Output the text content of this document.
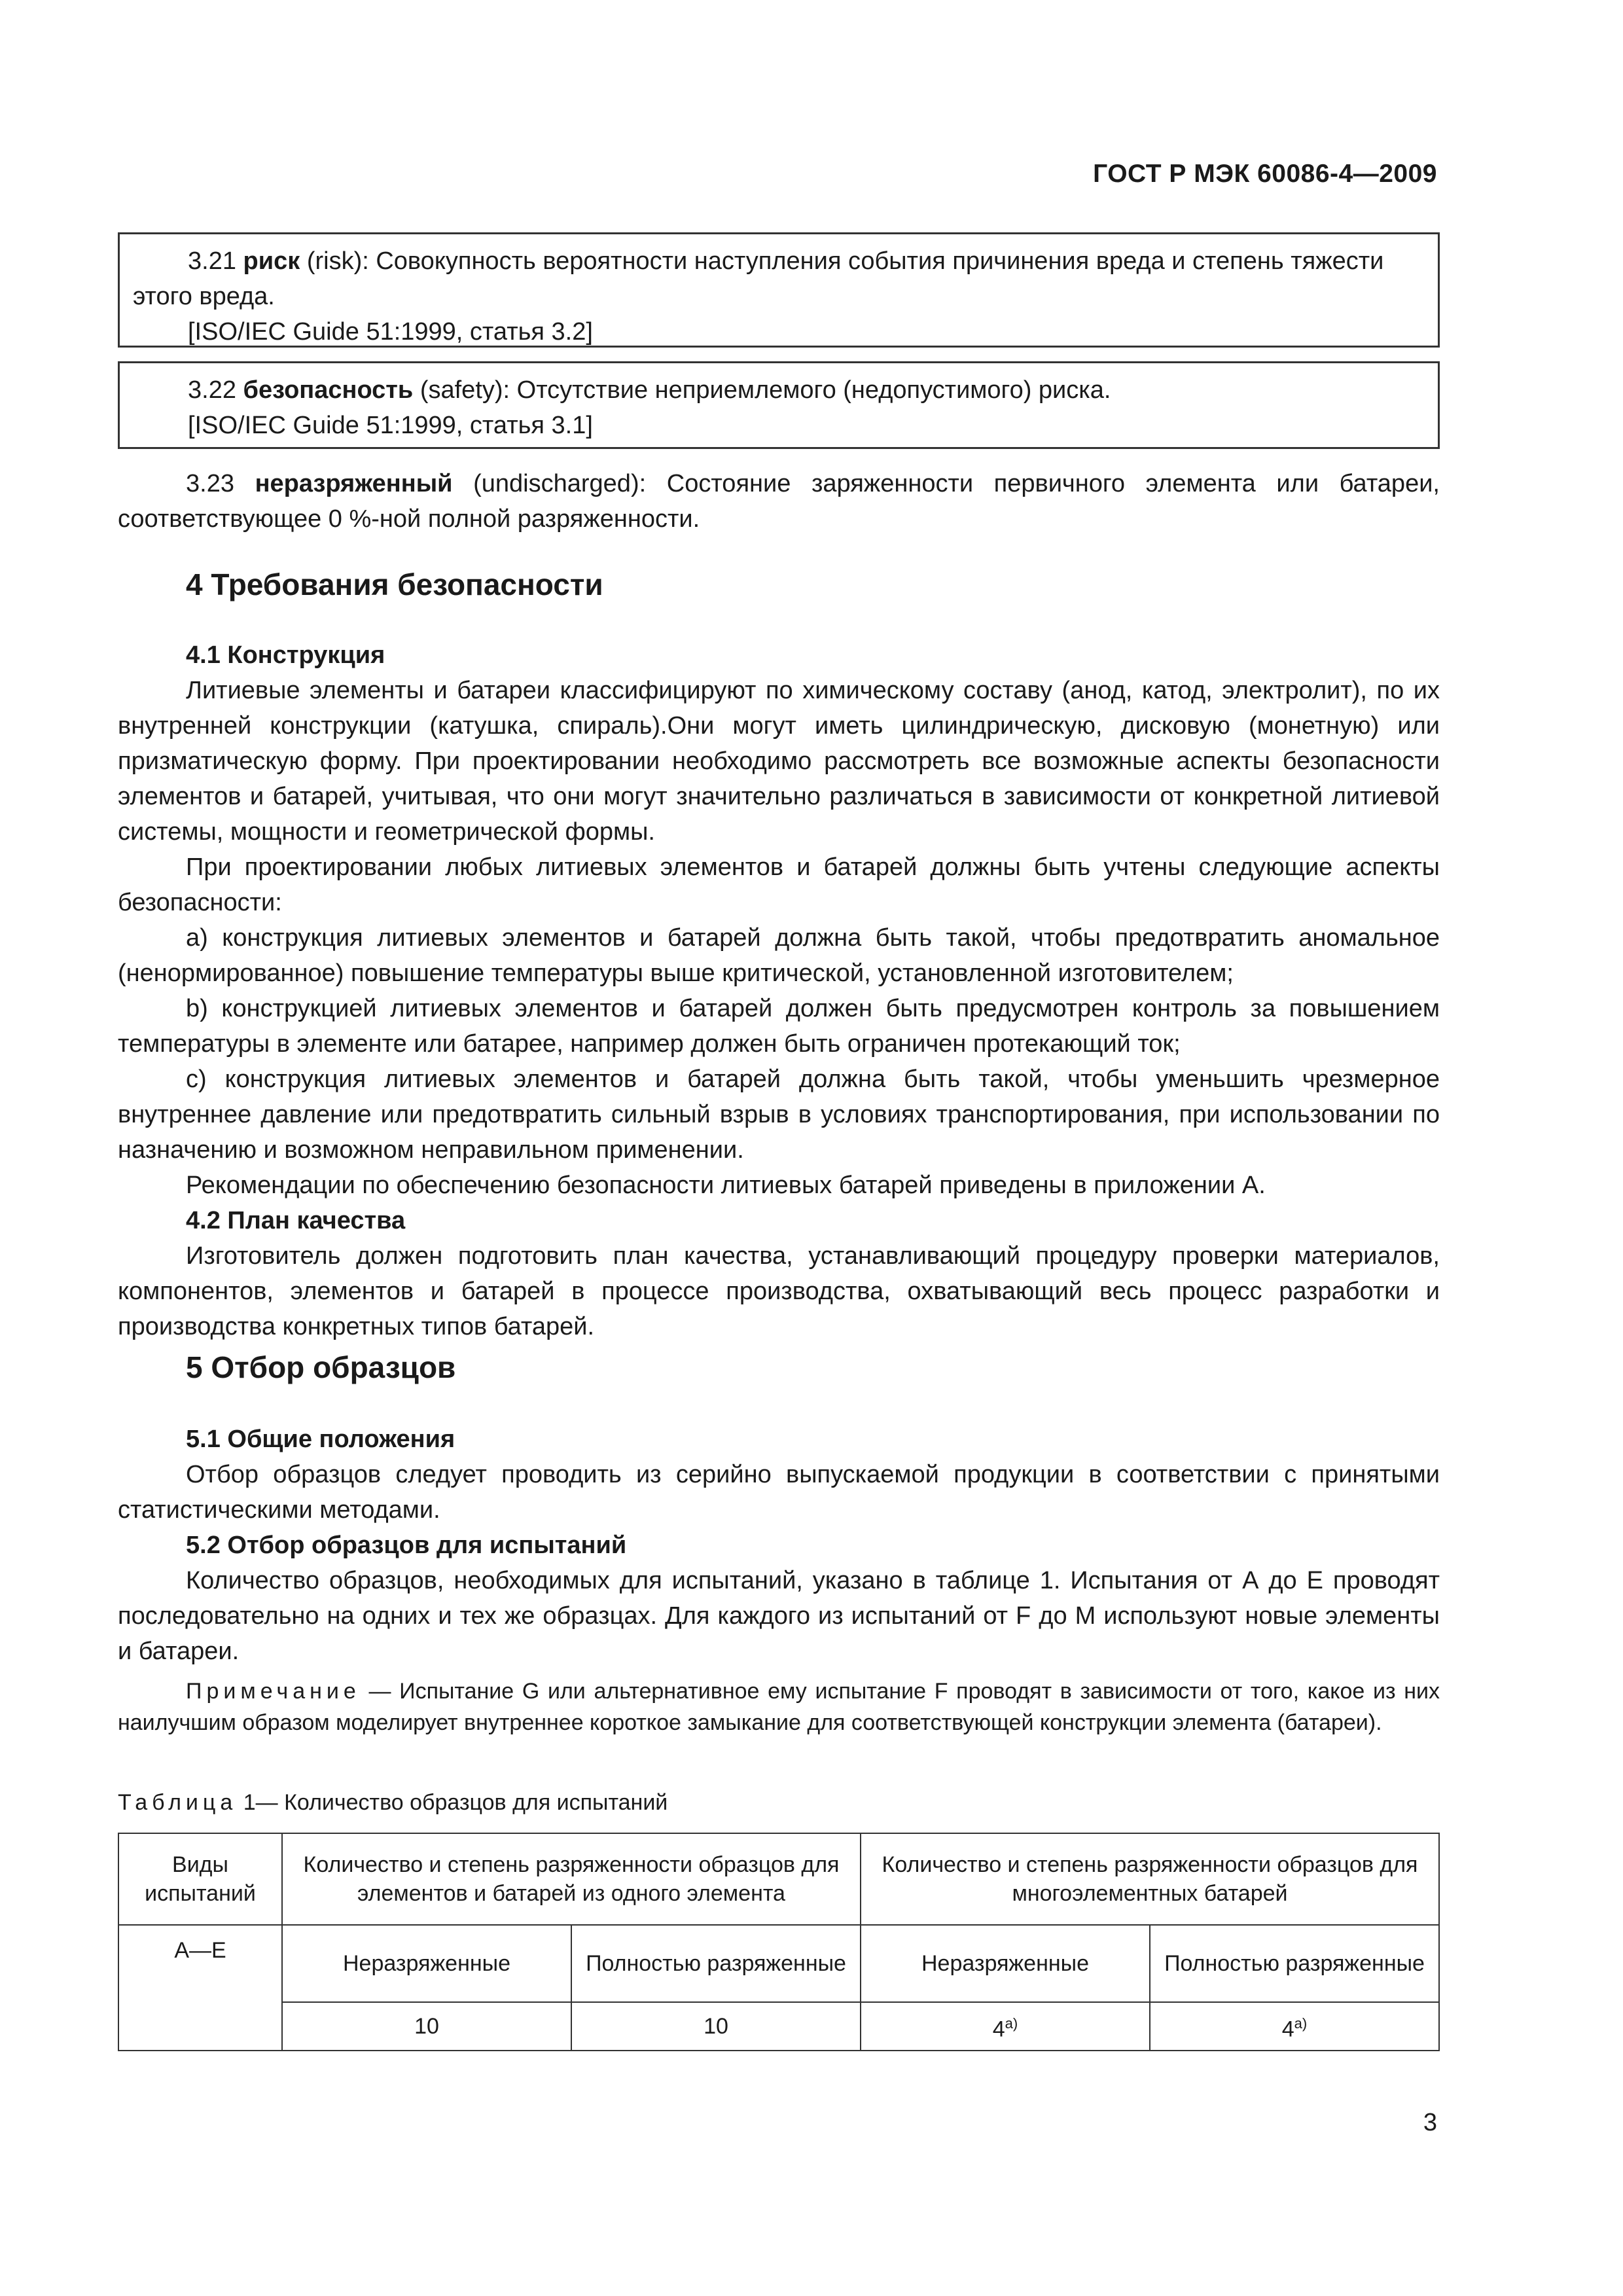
ГОСТ Р МЭК 60086-4—2009
3.21 риск (risk): Совокупность вероятности наступления события причинения вреда и степень тяжести этого вреда.
[ISO/IEC Guide 51:1999, статья 3.2]
3.22 безопасность (safety): Отсутствие неприемлемого (недопустимого) риска.
[ISO/IEC Guide 51:1999, статья 3.1]

3.23 неразряженный (undischarged): Состояние заряженности первичного элемента или батареи, соответствующее 0 %-ной полной разряженности.

4 Требования безопасности

4.1 Конструкция

Литиевые элементы и батареи классифицируют по химическому составу (анод, катод, электролит), по их внутренней конструкции (катушка, спираль).Они могут иметь цилиндрическую, дисковую (монетную) или призматическую форму. При проектировании необходимо рассмотреть все возможные аспекты безопасности элементов и батарей, учитывая, что они могут значительно различаться в зависимости от конкретной литиевой системы, мощности и геометрической формы.

При проектировании любых литиевых элементов и батарей должны быть учтены следующие аспекты безопасности:

a) конструкция литиевых элементов и батарей должна быть такой, чтобы предотвратить аномальное (ненормированное) повышение температуры выше критической, установленной изготовителем;

b) конструкцией литиевых элементов и батарей должен быть предусмотрен контроль за повышением температуры в элементе или батарее, например должен быть ограничен протекающий ток;

c) конструкция литиевых элементов и батарей должна быть такой, чтобы уменьшить чрезмерное внутреннее давление или предотвратить сильный взрыв в условиях транспортирования, при использовании по назначению и возможном неправильном применении.

Рекомендации по обеспечению безопасности литиевых батарей приведены в приложении А.

4.2 План качества

Изготовитель должен подготовить план качества, устанавливающий процедуру проверки материалов, компонентов, элементов и батарей в процессе производства, охватывающий весь процесс разработки и производства конкретных типов батарей.

5 Отбор образцов

5.1 Общие положения

Отбор образцов следует проводить из серийно выпускаемой продукции в соответствии с принятыми статистическими методами.

5.2 Отбор образцов для испытаний

Количество образцов, необходимых для испытаний, указано в таблице 1. Испытания от А до Е проводят последовательно на одних и тех же образцах. Для каждого из испытаний от F до M используют новые элементы и батареи.

Примечание — Испытание G или альтернативное ему испытание F проводят в зависимости от того, какое из них наилучшим образом моделирует внутреннее короткое замыкание для соответствующей конструкции элемента (батареи).

Таблица 1— Количество образцов для испытаний

Виды испытаний	Количество и степень разряженности образцов для элементов и батарей из одного элемента		Количество и степень разряженности образцов для многоэлементных батарей	
А—Е	Неразряженные	Полностью разряженные	Неразряженные	Полностью разряженные
	10	10	4$^{a)}$	4$^{a)}$
3
